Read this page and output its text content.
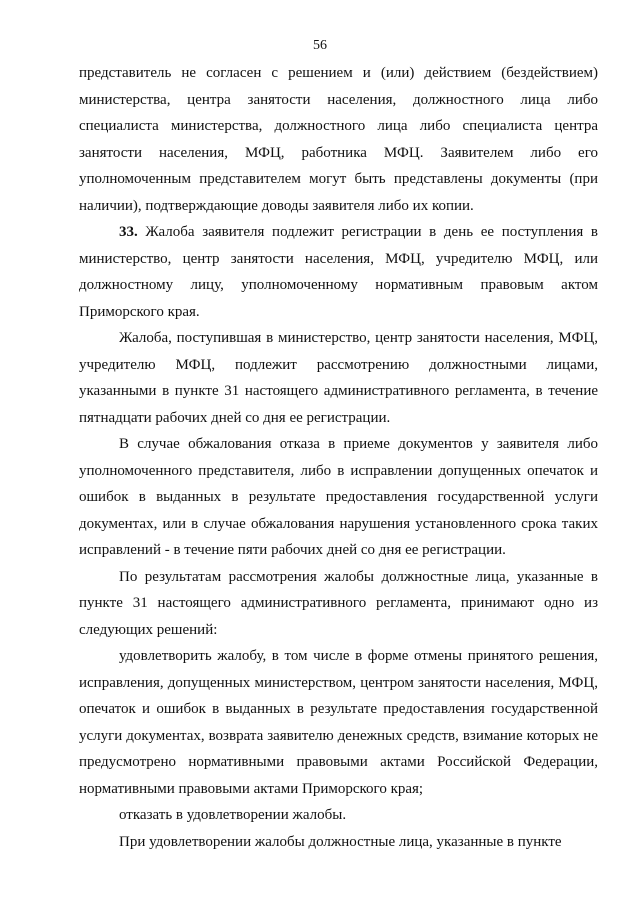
56

представитель не согласен с решением и (или) действием (бездействием) министерства, центра занятости населения, должностного лица либо специалиста министерства, должностного лица либо специалиста центра занятости населения, МФЦ, работника МФЦ. Заявителем либо его уполномоченным представителем могут быть представлены документы (при наличии), подтверждающие доводы заявителя либо их копии.

33. Жалоба заявителя подлежит регистрации в день ее поступления в министерство, центр занятости населения, МФЦ, учредителю МФЦ, или должностному лицу, уполномоченному нормативным правовым актом Приморского края.

Жалоба, поступившая в министерство, центр занятости населения, МФЦ, учредителю МФЦ, подлежит рассмотрению должностными лицами, указанными в пункте 31 настоящего административного регламента, в течение пятнадцати рабочих дней со дня ее регистрации.

В случае обжалования отказа в приеме документов у заявителя либо уполномоченного представителя, либо в исправлении допущенных опечаток и ошибок в выданных в результате предоставления государственной услуги документах, или в случае обжалования нарушения установленного срока таких исправлений - в течение пяти рабочих дней со дня ее регистрации.

По результатам рассмотрения жалобы должностные лица, указанные в пункте 31 настоящего административного регламента, принимают одно из следующих решений:

удовлетворить жалобу, в том числе в форме отмены принятого решения, исправления, допущенных министерством, центром занятости населения, МФЦ, опечаток и ошибок в выданных в результате предоставления государственной услуги документах, возврата заявителю денежных средств, взимание которых не предусмотрено нормативными правовыми актами Российской Федерации, нормативными правовыми актами Приморского края;

отказать в удовлетворении жалобы.

При удовлетворении жалобы должностные лица, указанные в пункте
